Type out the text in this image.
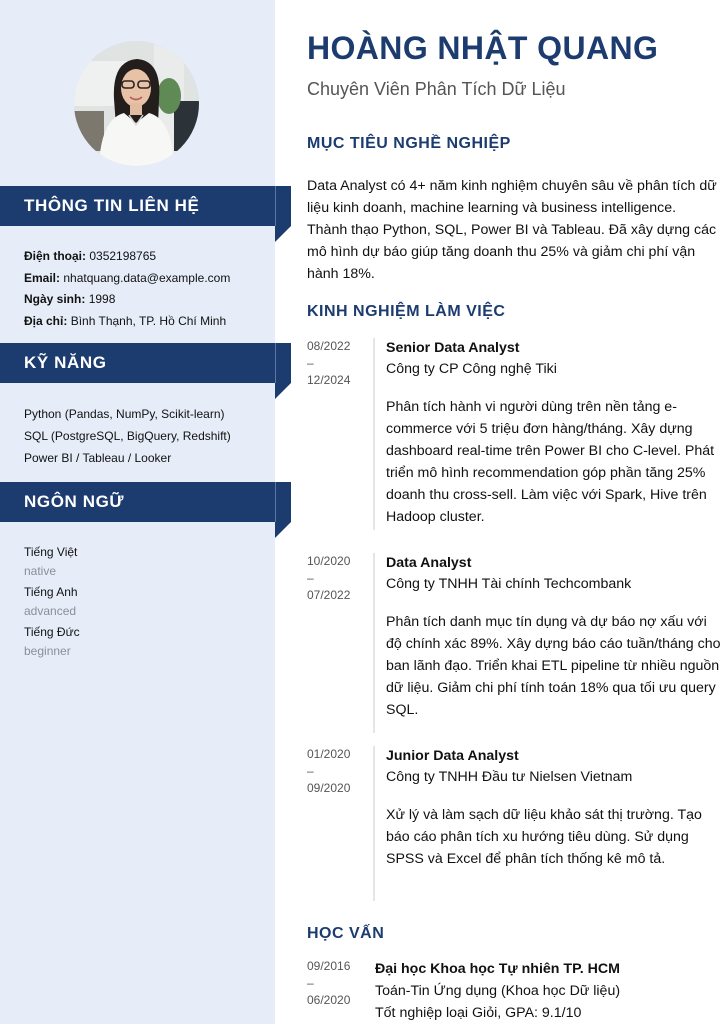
THÔNG TIN LIÊN HỆ
Điện thoại: 0352198765
Email: nhatquang.data@example.com
Ngày sinh: 1998
Địa chỉ: Bình Thạnh, TP. Hồ Chí Minh
KỸ NĂNG
Python (Pandas, NumPy, Scikit-learn)
SQL (PostgreSQL, BigQuery, Redshift)
Power BI / Tableau / Looker
NGÔN NGỮ
Tiếng Việt
native
Tiếng Anh
advanced
Tiếng Đức
beginner
HOÀNG NHẬT QUANG
Chuyên Viên Phân Tích Dữ Liệu
MỤC TIÊU NGHỀ NGHIỆP
Data Analyst có 4+ năm kinh nghiệm chuyên sâu về phân tích dữ liệu kinh doanh, machine learning và business intelligence. Thành thạo Python, SQL, Power BI và Tableau. Đã xây dựng các mô hình dự báo giúp tăng doanh thu 25% và giảm chi phí vận hành 18%.
KINH NGHIỆM LÀM VIỆC
08/2022
–
12/2024
Senior Data Analyst
Công ty CP Công nghệ Tiki
Phân tích hành vi người dùng trên nền tảng e-commerce với 5 triệu đơn hàng/tháng. Xây dựng dashboard real-time trên Power BI cho C-level. Phát triển mô hình recommendation góp phần tăng 25% doanh thu cross-sell. Làm việc với Spark, Hive trên Hadoop cluster.
10/2020
–
07/2022
Data Analyst
Công ty TNHH Tài chính Techcombank
Phân tích danh mục tín dụng và dự báo nợ xấu với độ chính xác 89%. Xây dựng báo cáo tuần/tháng cho ban lãnh đạo. Triển khai ETL pipeline từ nhiều nguồn dữ liệu. Giảm chi phí tính toán 18% qua tối ưu query SQL.
01/2020
–
09/2020
Junior Data Analyst
Công ty TNHH Đầu tư Nielsen Vietnam
Xử lý và làm sạch dữ liệu khảo sát thị trường. Tạo báo cáo phân tích xu hướng tiêu dùng. Sử dụng SPSS và Excel để phân tích thống kê mô tả.
HỌC VẤN
09/2016
–
06/2020
Đại học Khoa học Tự nhiên TP. HCM
Toán-Tin Ứng dụng (Khoa học Dữ liệu)
Tốt nghiệp loại Giỏi, GPA: 9.1/10
